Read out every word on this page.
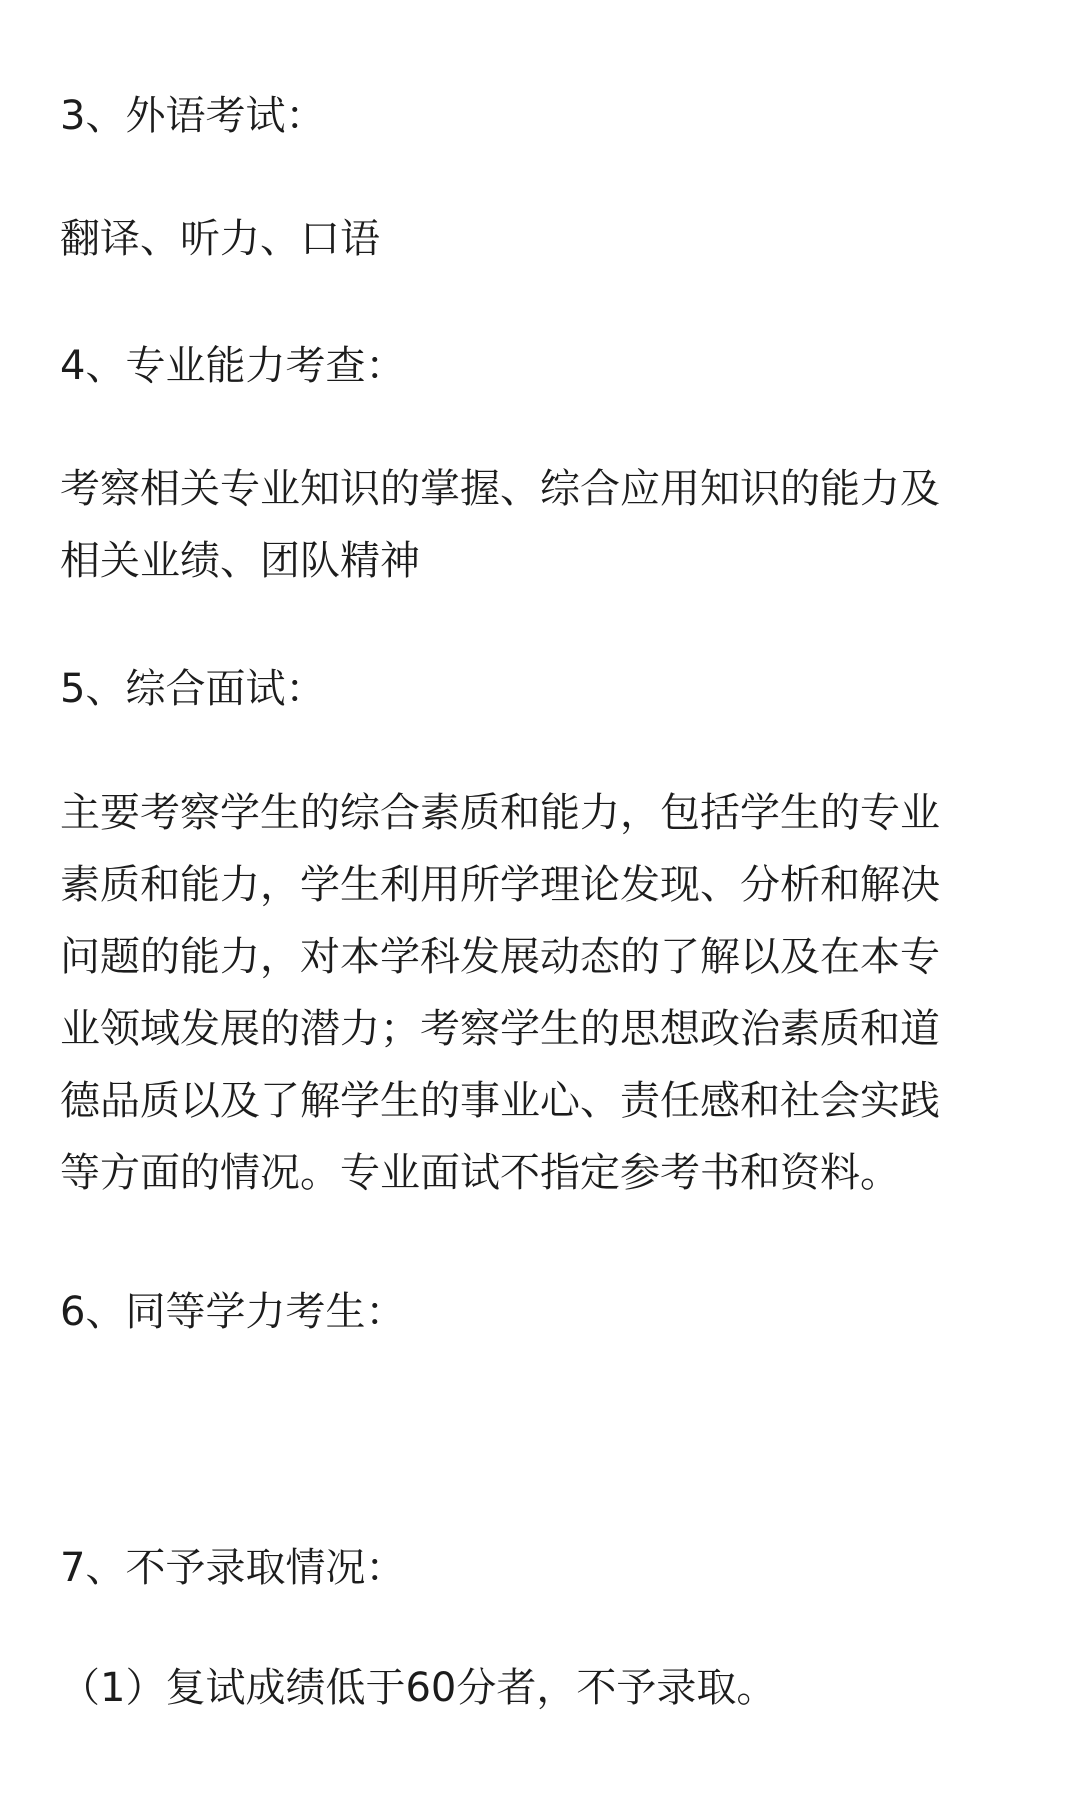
3、外语考试：

翻译、听力、口语

4、专业能力考查：

考察相关专业知识的掌握、综合应用知识的能力及
相关业绩、团队精神

5、综合面试：

主要考察学生的综合素质和能力，包括学生的专业
素质和能力，学生利用所学理论发现、分析和解决
问题的能力，对本学科发展动态的了解以及在本专
业领域发展的潜力；考察学生的思想政治素质和道
德品质以及了解学生的事业心、责任感和社会实践
等方面的情况。专业面试不指定参考书和资料。

6、同等学力考生：

7、不予录取情况：

（1）复试成绩低于60分者，不予录取。
